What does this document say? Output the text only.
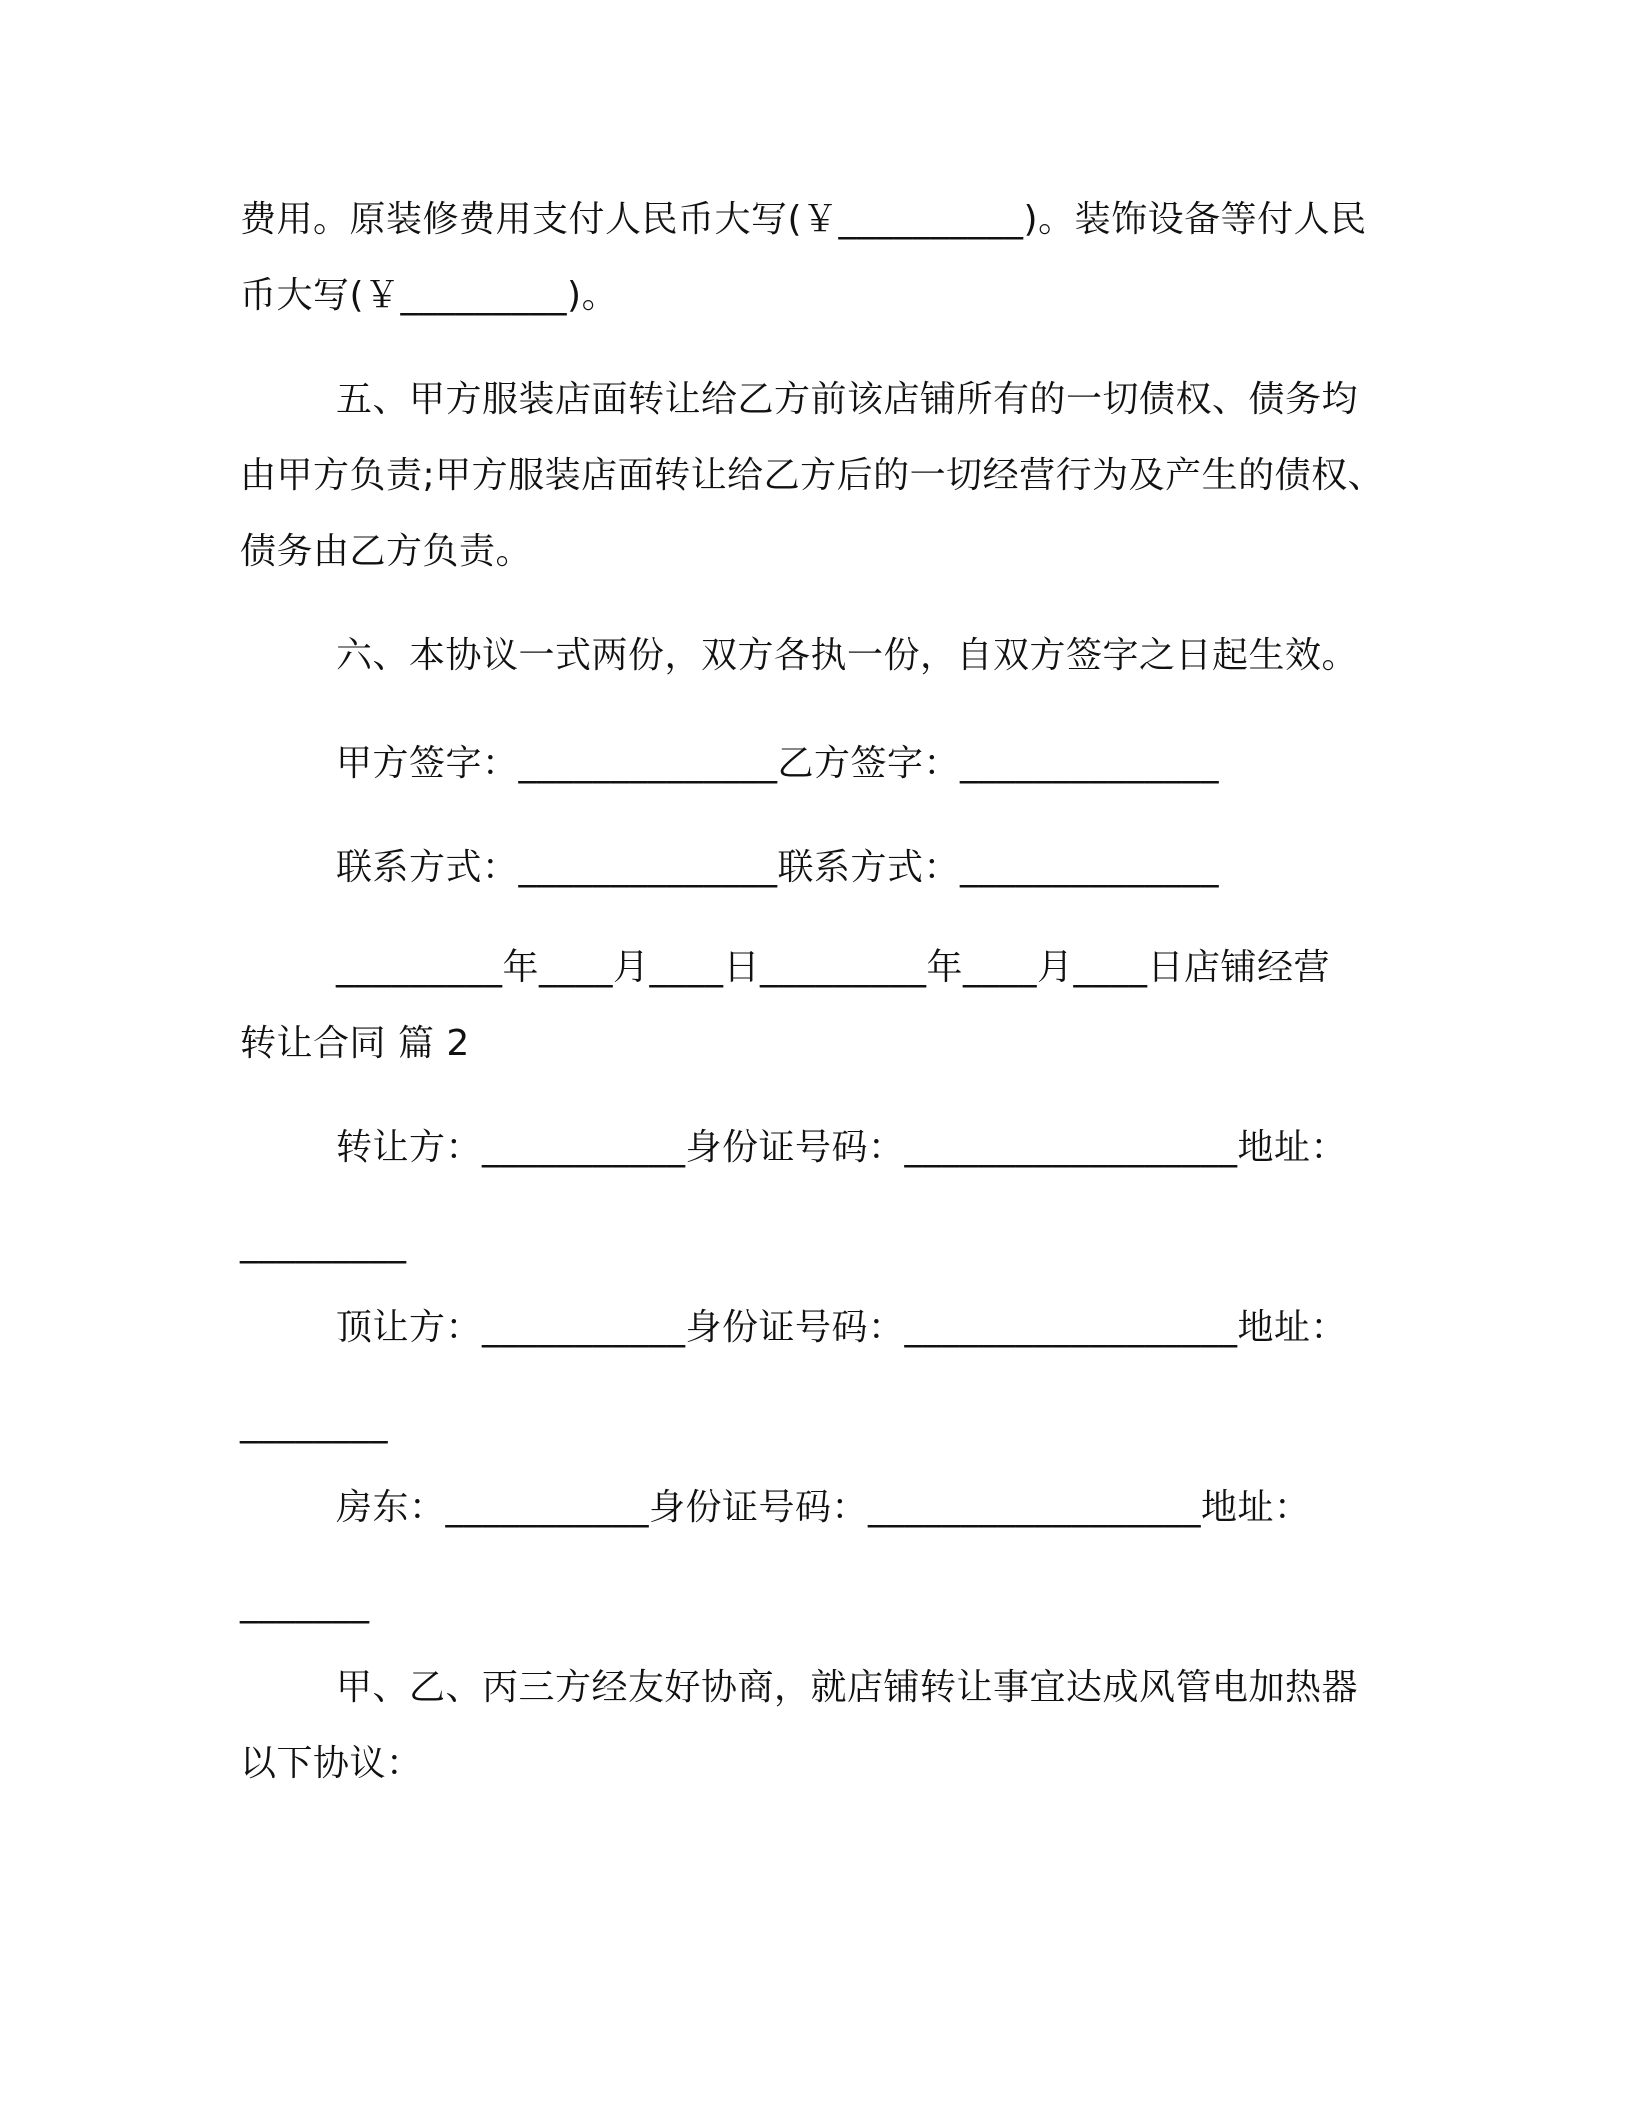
费用。原装修费用支付人民币大写(￥__________)。装饰设备等付人民
币大写(￥_________)。
五、甲方服装店面转让给乙方前该店铺所有的一切债权、债务均
由甲方负责;甲方服装店面转让给乙方后的一切经营行为及产生的债权、
债务由乙方负责。
六、本协议一式两份，双方各执一份，自双方签字之日起生效。
甲方签字：______________乙方签字：______________
联系方式：______________联系方式：______________
_________年____月____日_________年____月____日店铺经营
转让合同 篇 2
转让方：___________身份证号码：__________________地址：
_________
顶让方：___________身份证号码：__________________地址：
________
房东：___________身份证号码：__________________地址：
_______
甲、乙、丙三方经友好协商，就店铺转让事宜达成风管电加热器
以下协议：
